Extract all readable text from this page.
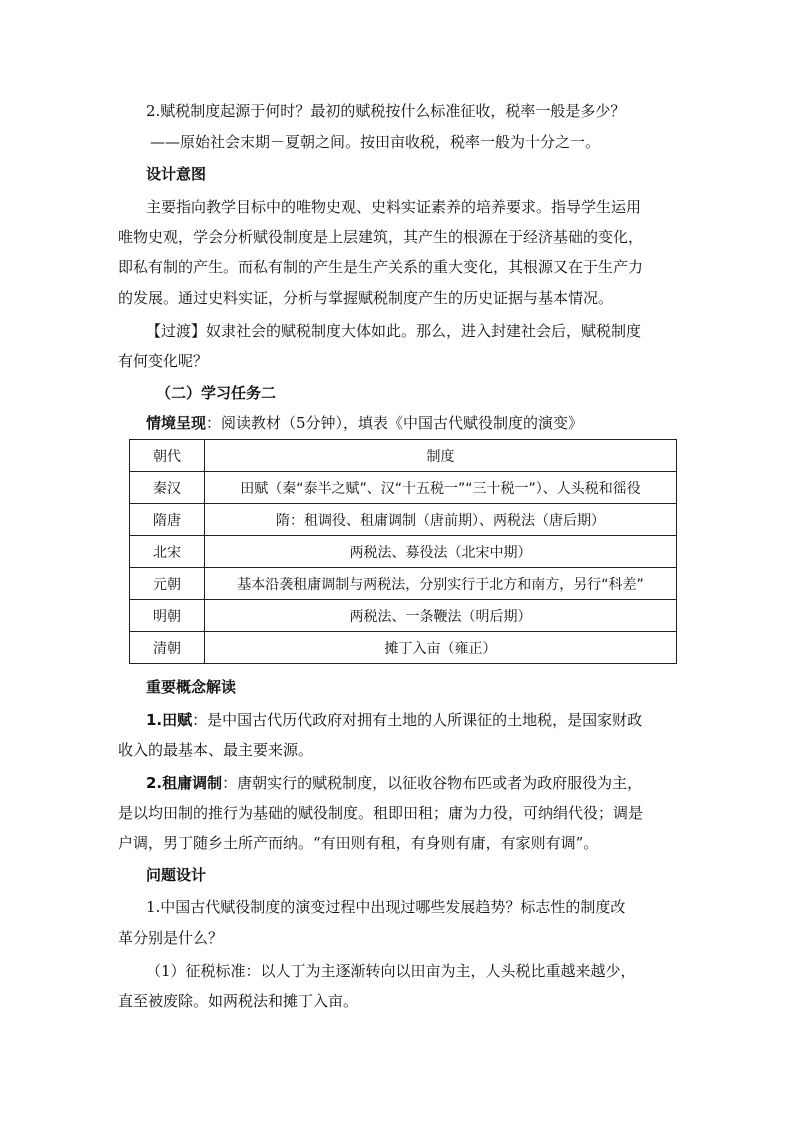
2.赋税制度起源于何时？最初的赋税按什么标准征收，税率一般是多少？
——原始社会末期－夏朝之间。按田亩收税，税率一般为十分之一。
设计意图
主要指向教学目标中的唯物史观、史料实证素养的培养要求。指导学生运用
唯物史观，学会分析赋役制度是上层建筑，其产生的根源在于经济基础的变化，
即私有制的产生。而私有制的产生是生产关系的重大变化，其根源又在于生产力
的发展。通过史料实证，分析与掌握赋税制度产生的历史证据与基本情况。
【过渡】奴隶社会的赋税制度大体如此。那么，进入封建社会后，赋税制度
有何变化呢？
（二）学习任务二
情境呈现：阅读教材（5分钟），填表《中国古代赋役制度的演变》
朝代	制度
秦汉	田赋（秦“泰半之赋”、汉“十五税一”“三十税一”）、人头税和徭役
隋唐	隋：租调役、租庸调制（唐前期）、两税法（唐后期）
北宋	两税法、募役法（北宋中期）
元朝	基本沿袭租庸调制与两税法，分别实行于北方和南方，另行“科差”
明朝	两税法、一条鞭法（明后期）
清朝	摊丁入亩（雍正）
重要概念解读
1.田赋：是中国古代历代政府对拥有土地的人所课征的土地税，是国家财政
收入的最基本、最主要来源。
2.租庸调制：唐朝实行的赋税制度，以征收谷物布匹或者为政府服役为主，
是以均田制的推行为基础的赋役制度。租即田租；庸为力役，可纳绢代役；调是
户调，男丁随乡土所产而纳。“有田则有租，有身则有庸，有家则有调”。
问题设计
1.中国古代赋役制度的演变过程中出现过哪些发展趋势？标志性的制度改
革分别是什么？
（1）征税标准：以人丁为主逐渐转向以田亩为主，人头税比重越来越少，
直至被废除。如两税法和摊丁入亩。
